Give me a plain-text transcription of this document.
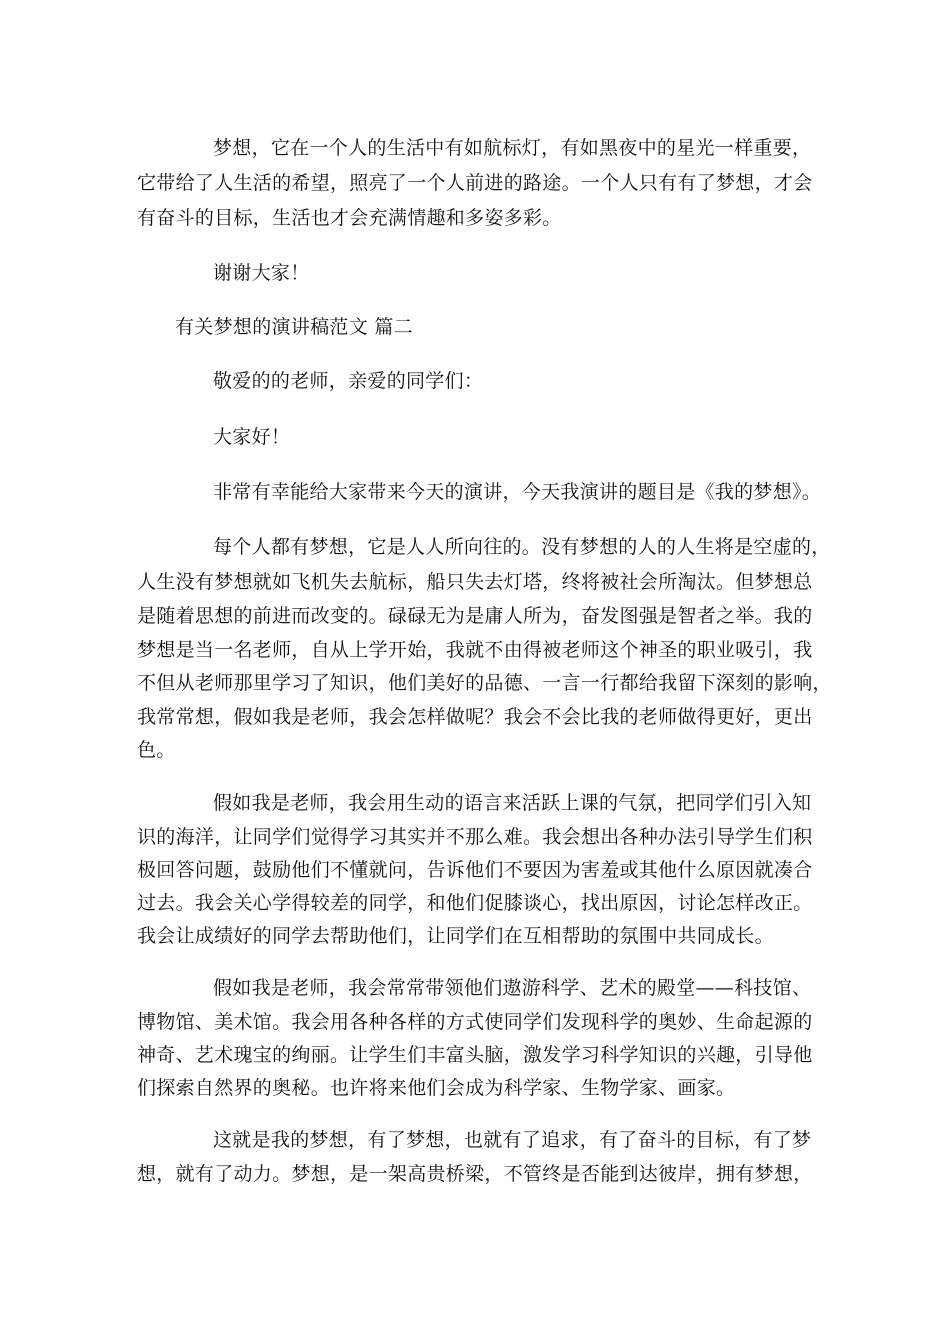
梦想，它在一个人的生活中有如航标灯，有如黑夜中的星光一样重要，
它带给了人生活的希望，照亮了一个人前进的路途。一个人只有有了梦想，才会
有奋斗的目标，生活也才会充满情趣和多姿多彩。
谢谢大家！
有关梦想的演讲稿范文 篇二
敬爱的的老师，亲爱的同学们：
大家好！
非常有幸能给大家带来今天的演讲，今天我演讲的题目是《我的梦想》。
每个人都有梦想，它是人人所向往的。没有梦想的人的人生将是空虚的，
人生没有梦想就如飞机失去航标，船只失去灯塔，终将被社会所淘汰。但梦想总
是随着思想的前进而改变的。碌碌无为是庸人所为，奋发图强是智者之举。我的
梦想是当一名老师，自从上学开始，我就不由得被老师这个神圣的职业吸引，我
不但从老师那里学习了知识，他们美好的品德、一言一行都给我留下深刻的影响，
我常常想，假如我是老师，我会怎样做呢？我会不会比我的老师做得更好，更出
色。
假如我是老师，我会用生动的语言来活跃上课的气氛，把同学们引入知
识的海洋，让同学们觉得学习其实并不那么难。我会想出各种办法引导学生们积
极回答问题，鼓励他们不懂就问，告诉他们不要因为害羞或其他什么原因就凑合
过去。我会关心学得较差的同学，和他们促膝谈心，找出原因，讨论怎样改正。
我会让成绩好的同学去帮助他们，让同学们在互相帮助的氛围中共同成长。
假如我是老师，我会常常带领他们遨游科学、艺术的殿堂——科技馆、
博物馆、美术馆。我会用各种各样的方式使同学们发现科学的奥妙、生命起源的
神奇、艺术瑰宝的绚丽。让学生们丰富头脑，激发学习科学知识的兴趣，引导他
们探索自然界的奥秘。也许将来他们会成为科学家、生物学家、画家。
这就是我的梦想，有了梦想，也就有了追求，有了奋斗的目标，有了梦
想，就有了动力。梦想，是一架高贵桥梁，不管终是否能到达彼岸，拥有梦想，
